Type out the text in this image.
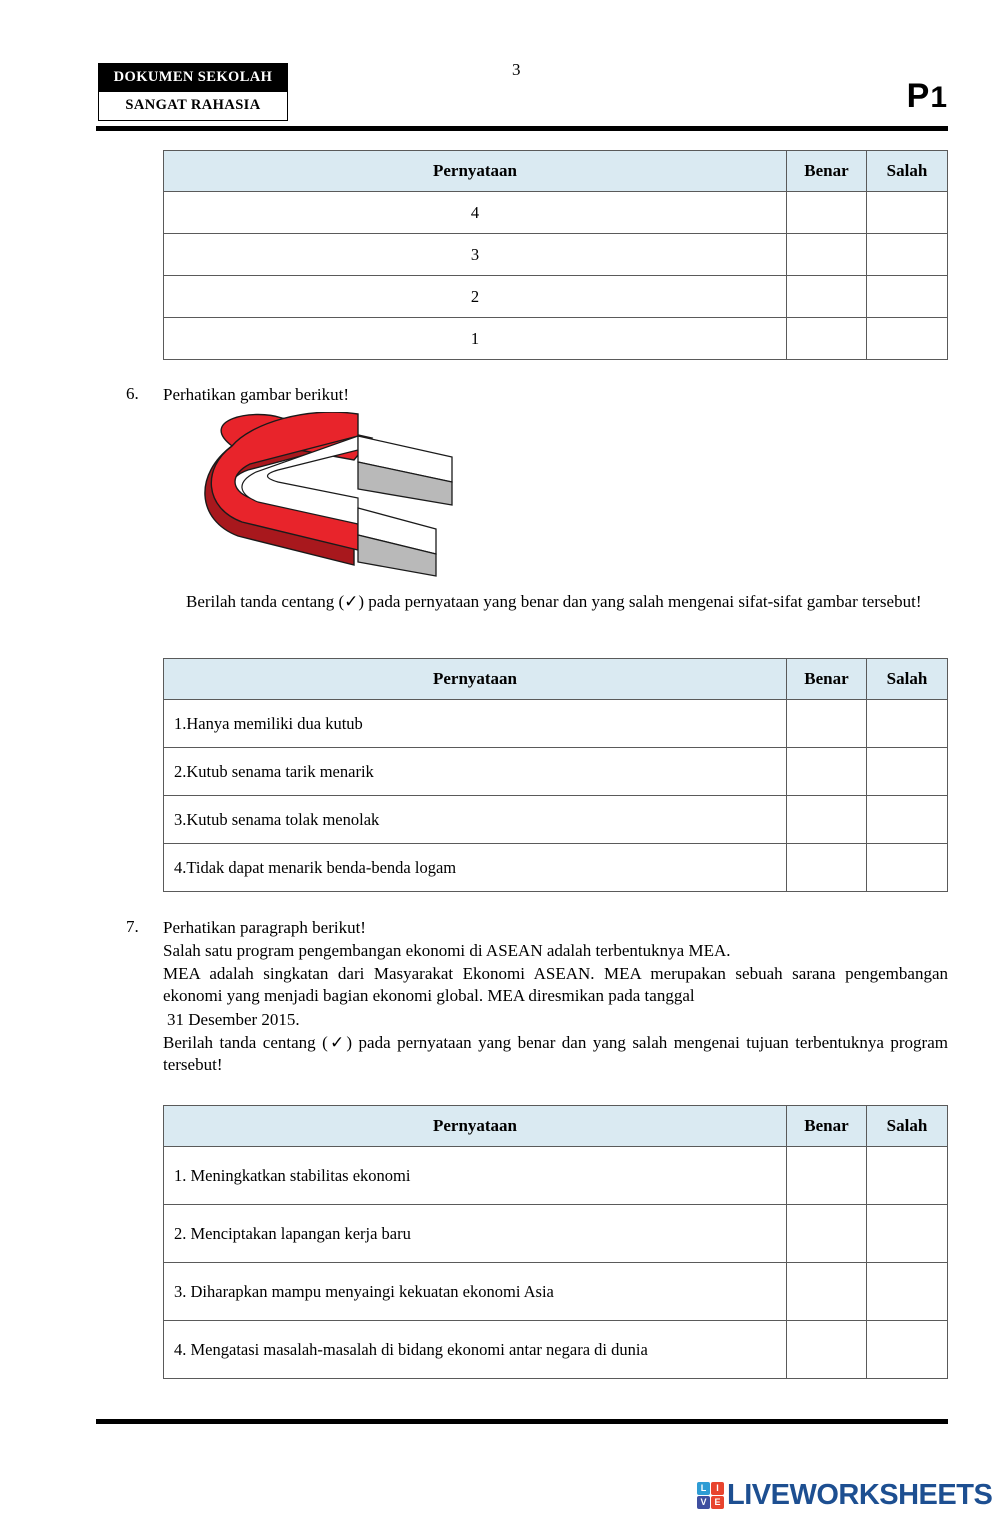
DOKUMEN SEKOLAH
SANGAT RAHASIA
3
P1
Pernyataan	Benar	Salah
4		
3		
2		
1		
6. Perhatikan gambar berikut!
Berilah tanda centang (✓) pada pernyataan yang benar dan yang salah mengenai sifat-sifat gambar tersebut!
Pernyataan	Benar	Salah
1.Hanya memiliki dua kutub		
2.Kutub senama tarik menarik		
3.Kutub senama tolak menolak		
4.Tidak dapat menarik benda-benda logam		
7. Perhatikan paragraph berikut!
Salah satu program pengembangan ekonomi di ASEAN adalah terbentuknya MEA.
MEA adalah singkatan dari Masyarakat Ekonomi ASEAN. MEA merupakan sebuah sarana pengembangan ekonomi yang menjadi bagian ekonomi global. MEA diresmikan pada tanggal
31 Desember 2015.
Berilah tanda centang (✓) pada pernyataan yang benar dan yang salah mengenai tujuan terbentuknya program tersebut!
Pernyataan	Benar	Salah
1. Meningkatkan stabilitas ekonomi		
2. Menciptakan lapangan kerja baru		
3. Diharapkan mampu menyaingi kekuatan ekonomi Asia		
4. Mengatasi masalah-masalah di bidang ekonomi antar negara di dunia		
L	I
V E LIVEWORKSHEETS
